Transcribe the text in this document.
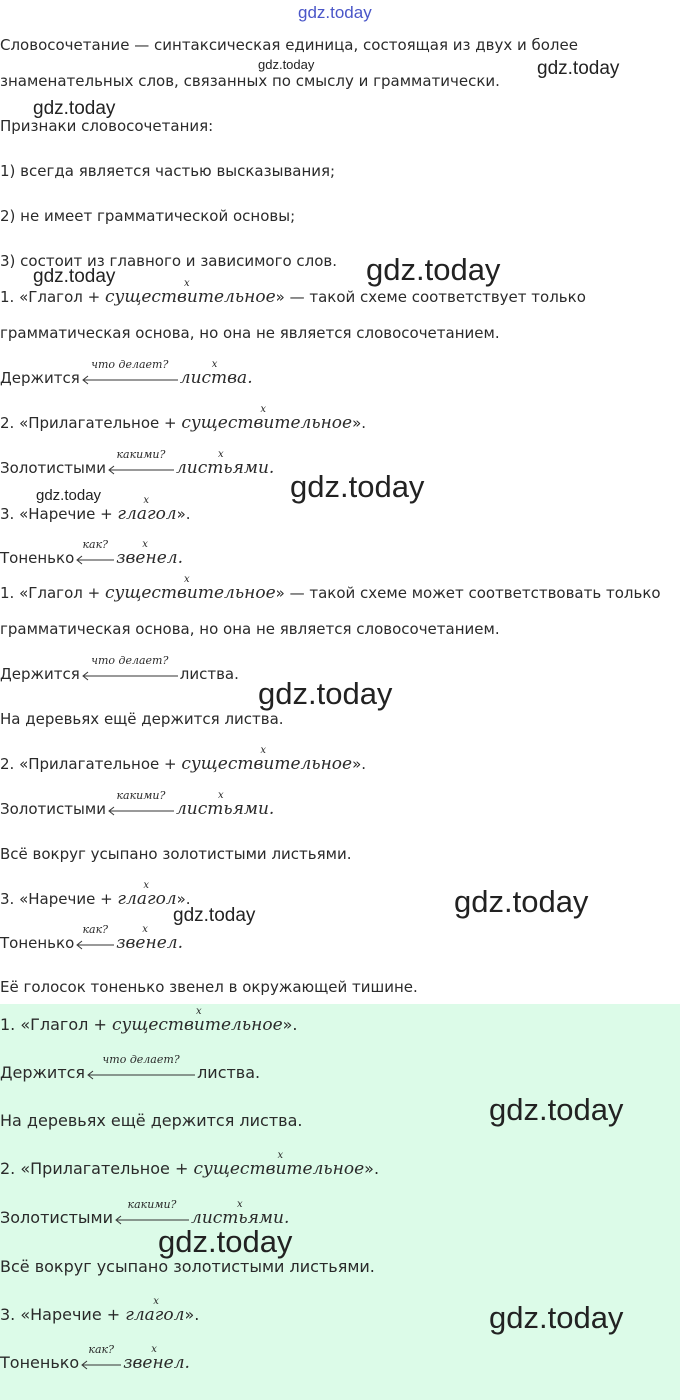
gdz.today
gdz.today	gdz.today
gdz.today
gdz.today	gdz.today
gdz.today
gdz.today
gdz.today
gdz.today
gdz.today

Словосочетание — синтаксическая единица, состоящая из двух и более

знаменательных слов, связанных по смыслу и грамматически.

Признаки словосочетания:

1) всегда является частью высказывания;

2) не имеет грамматической основы;

3) состоит из главного и зависимого слов.

1. «Глагол + существительное
x
» — такой схеме соответствует только

грамматическая основа, но она не является словосочетанием.

Держится
что делает?
листва
x
.

2. «Прилагательное + существительное
x
».

Золотистыми
какими?
листьями
x
.

3. «Наречие + глагол
x
».

Тоненько
как?
звенел
x
.

1. «Глагол + существительное
x
» — такой схеме может соответствовать только

грамматическая основа, но она не является словосочетанием.

Держится
что делает?
листва.

На деревьях ещё держится листва.

2. «Прилагательное + существительное
x
».

Золотистыми
какими?
листьями
x
.

Всё вокруг усыпано золотистыми листьями.

3. «Наречие + глагол
x
».

Тоненько
как?
звенел
x
.

Её голосок тоненько звенел в окружающей тишине.

1. «Глагол + существительное
x
».

Держится
что делает?
листва.

На деревьях ещё держится листва.

2. «Прилагательное + существительное
x
».

Золотистыми
какими?
листьями
x
.

Всё вокруг усыпано золотистыми листьями.

3. «Наречие + глагол
x
».

Тоненько
как?
звенел
x
.

gdz.today
gdz.today
gdz.today
